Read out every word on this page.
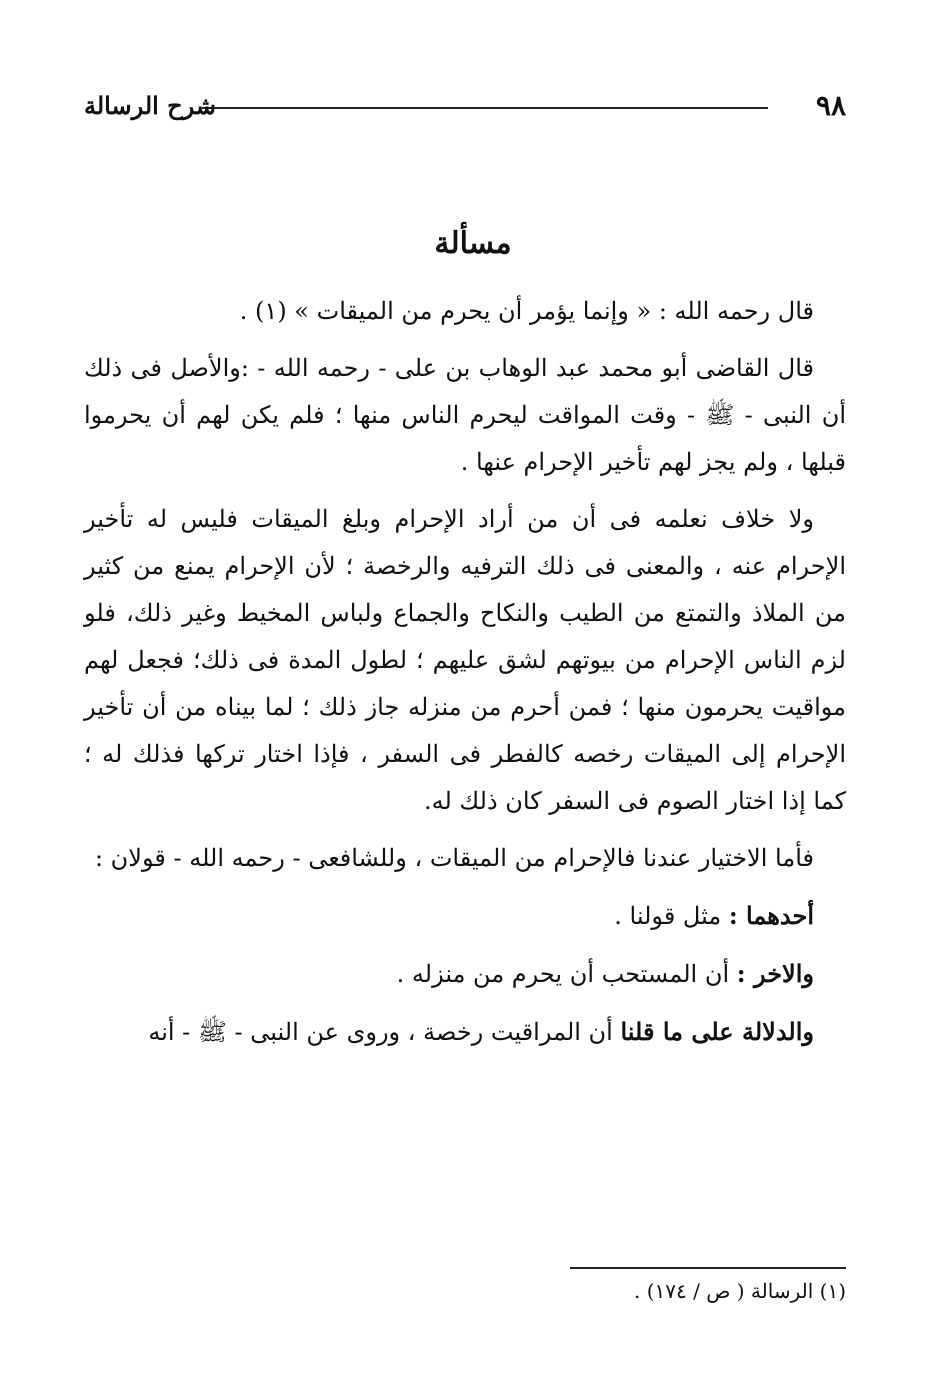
٩٨
شرح الرسالة
مسألة

قال رحمه الله : « وإنما يؤمر أن يحرم من الميقات » (١) .

قال القاضى أبو محمد عبد الوهاب بن على - رحمه الله - :والأصل فى ذلك أن النبى - ﷺ - وقت المواقت ليحرم الناس منها ؛ فلم يكن لهم أن يحرموا قبلها ، ولم يجز لهم تأخير الإحرام عنها .

ولا خلاف نعلمه فى أن من أراد الإحرام وبلغ الميقات فليس له تأخير الإحرام عنه ، والمعنى فى ذلك الترفيه والرخصة ؛ لأن الإحرام يمنع من كثير من الملاذ والتمتع من الطيب والنكاح والجماع ولباس المخيط وغير ذلك، فلو لزم الناس الإحرام من بيوتهم لشق عليهم ؛ لطول المدة فى ذلك؛ فجعل لهم مواقيت يحرمون منها ؛ فمن أحرم من منزله جاز ذلك ؛ لما بيناه من أن تأخير الإحرام إلى الميقات رخصه كالفطر فى السفر ، فإذا اختار تركها فذلك له ؛ كما إذا اختار الصوم فى السفر كان ذلك له.

فأما الاختيار عندنا فالإحرام من الميقات ، وللشافعى - رحمه الله - قولان :

أحدهما : مثل قولنا .

والاخر : أن المستحب أن يحرم من منزله .

والدلالة على ما قلنا أن المراقيت رخصة ، وروى عن النبى - ﷺ - أنه

(١) الرسالة ( ص / ١٧٤) .
